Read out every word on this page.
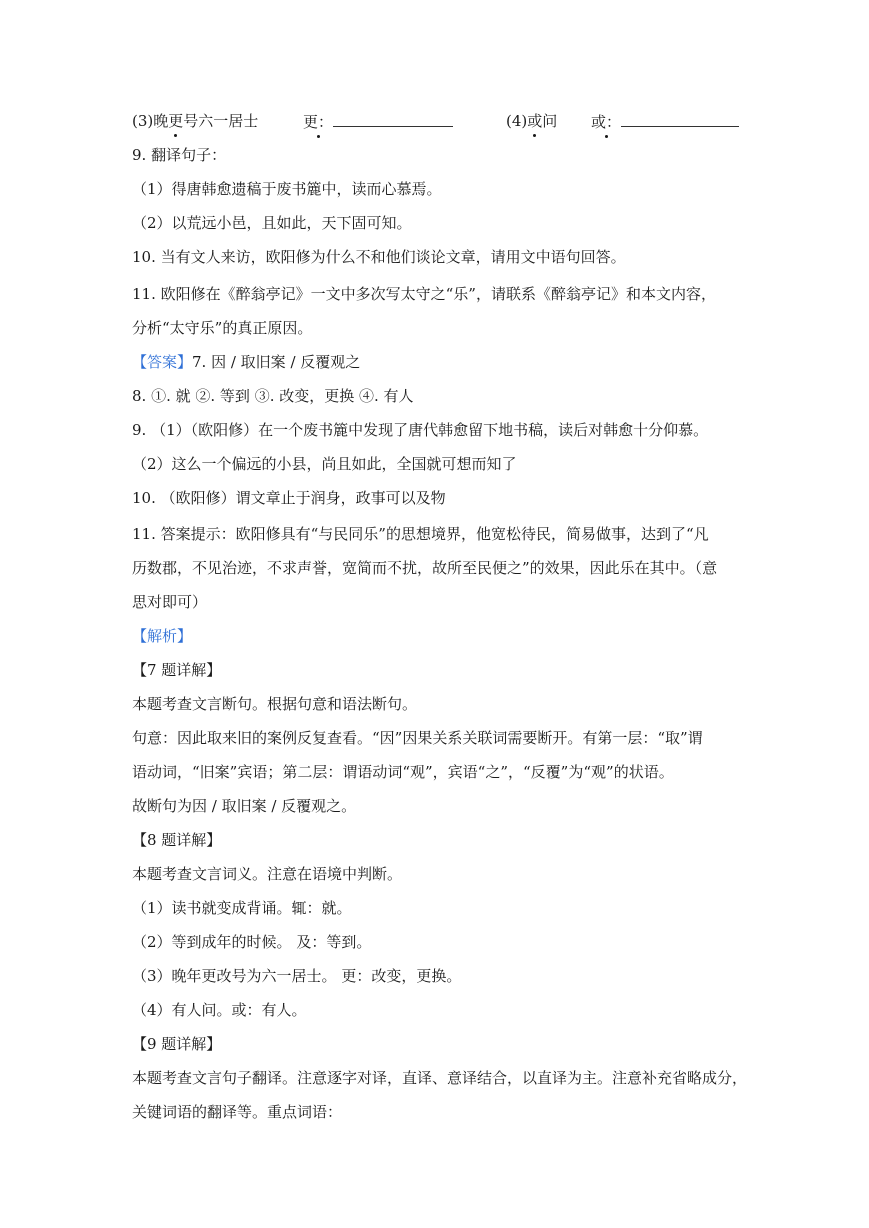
(3)晚更号六一居士	更：	(4)或问 或：
9. 翻译句子：
（1）得唐韩愈遗稿于废书簏中，读而心慕焉。
（2）以荒远小邑，且如此，天下固可知。
10. 当有文人来访，欧阳修为什么不和他们谈论文章，请用文中语句回答。
11. 欧阳修在《醉翁亭记》一文中多次写太守之“乐”，请联系《醉翁亭记》和本文内容，
分析“太守乐”的真正原因。
【答案】7. 因 / 取旧案 / 反覆观之
8. ①. 就 ②. 等到 ③. 改变，更换 ④. 有人
9. （1）（欧阳修）在一个废书簏中发现了唐代韩愈留下地书稿，读后对韩愈十分仰慕。
（2）这么一个偏远的小县，尚且如此，全国就可想而知了
10. （欧阳修）谓文章止于润身，政事可以及物
11. 答案提示：欧阳修具有“与民同乐”的思想境界，他宽松待民，简易做事，达到了“凡
历数郡，不见治迹，不求声誉，宽简而不扰，故所至民便之”的效果，因此乐在其中。（意
思对即可）
【解析】
【7 题详解】
本题考查文言断句。根据句意和语法断句。
句意：因此取来旧的案例反复查看。“因”因果关系关联词需要断开。有第一层：“取”谓
语动词，“旧案”宾语；第二层：谓语动词“观”，宾语“之”，“反覆”为“观”的状语。
故断句为因 / 取旧案 / 反覆观之。
【8 题详解】
本题考查文言词义。注意在语境中判断。
（1）读书就变成背诵。辄：就。
（2）等到成年的时候。 及：等到。
（3）晚年更改号为六一居士。 更：改变，更换。
（4）有人问。或：有人。
【9 题详解】
本题考查文言句子翻译。注意逐字对译，直译、意译结合，以直译为主。注意补充省略成分，
关键词语的翻译等。重点词语：
